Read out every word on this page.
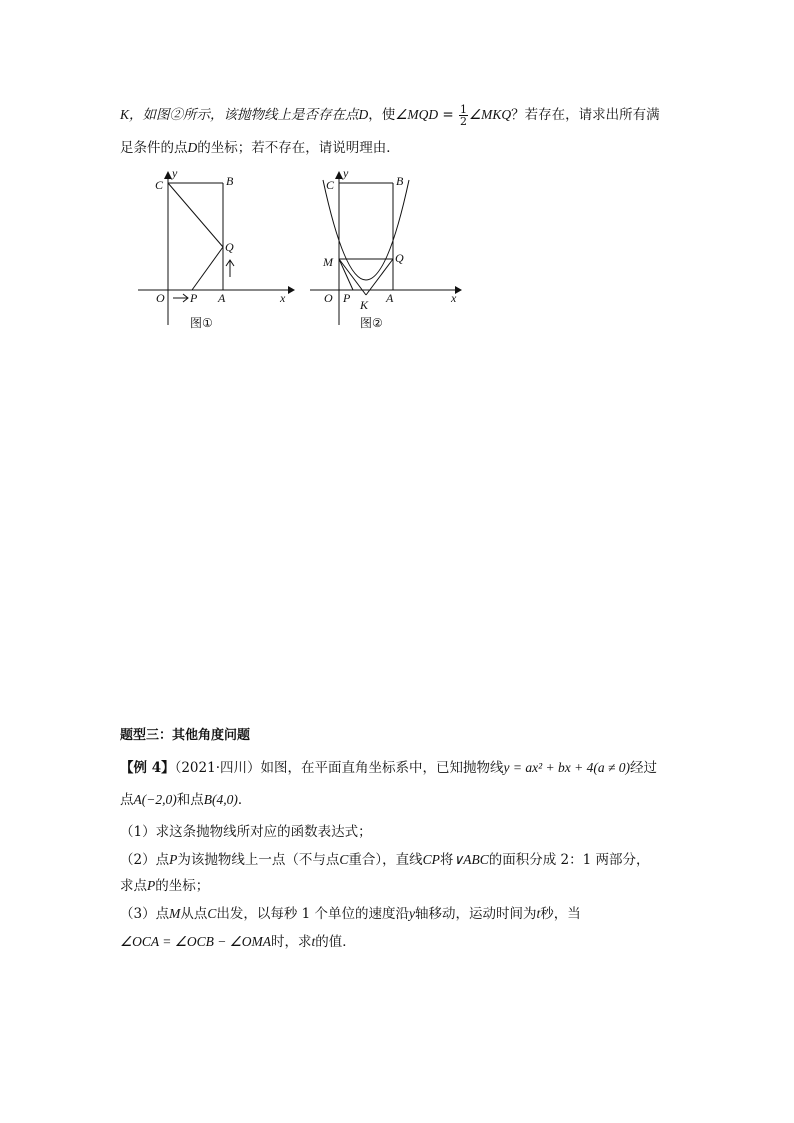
K，如图②所示，该抛物线上是否存在点D，使∠MQD = $\frac{1}{2}$ ∠MKQ？若存在，请求出所有满
足条件的点D的坐标；若不存在，请说明理由．
y
C	B
Q
O P A	x
图①
y
C	B
M	Q
O P K A	x
图②
题型三：其他角度问题
【例 4】（2021·四川）如图，在平面直角坐标系中，已知抛物线y = ax² + bx + 4(a ≠ 0)经过
点A(−2,0)和点B(4,0)．
（1）求这条抛物线所对应的函数表达式；
（2）点P为该抛物线上一点（不与点C重合），直线CP将∨ABC的面积分成 2：1 两部分，
求点P的坐标；
（3）点M从点C出发，以每秒 1 个单位的速度沿y轴移动，运动时间为t秒，当
∠OCA = ∠OCB − ∠OMA时，求t的值．
